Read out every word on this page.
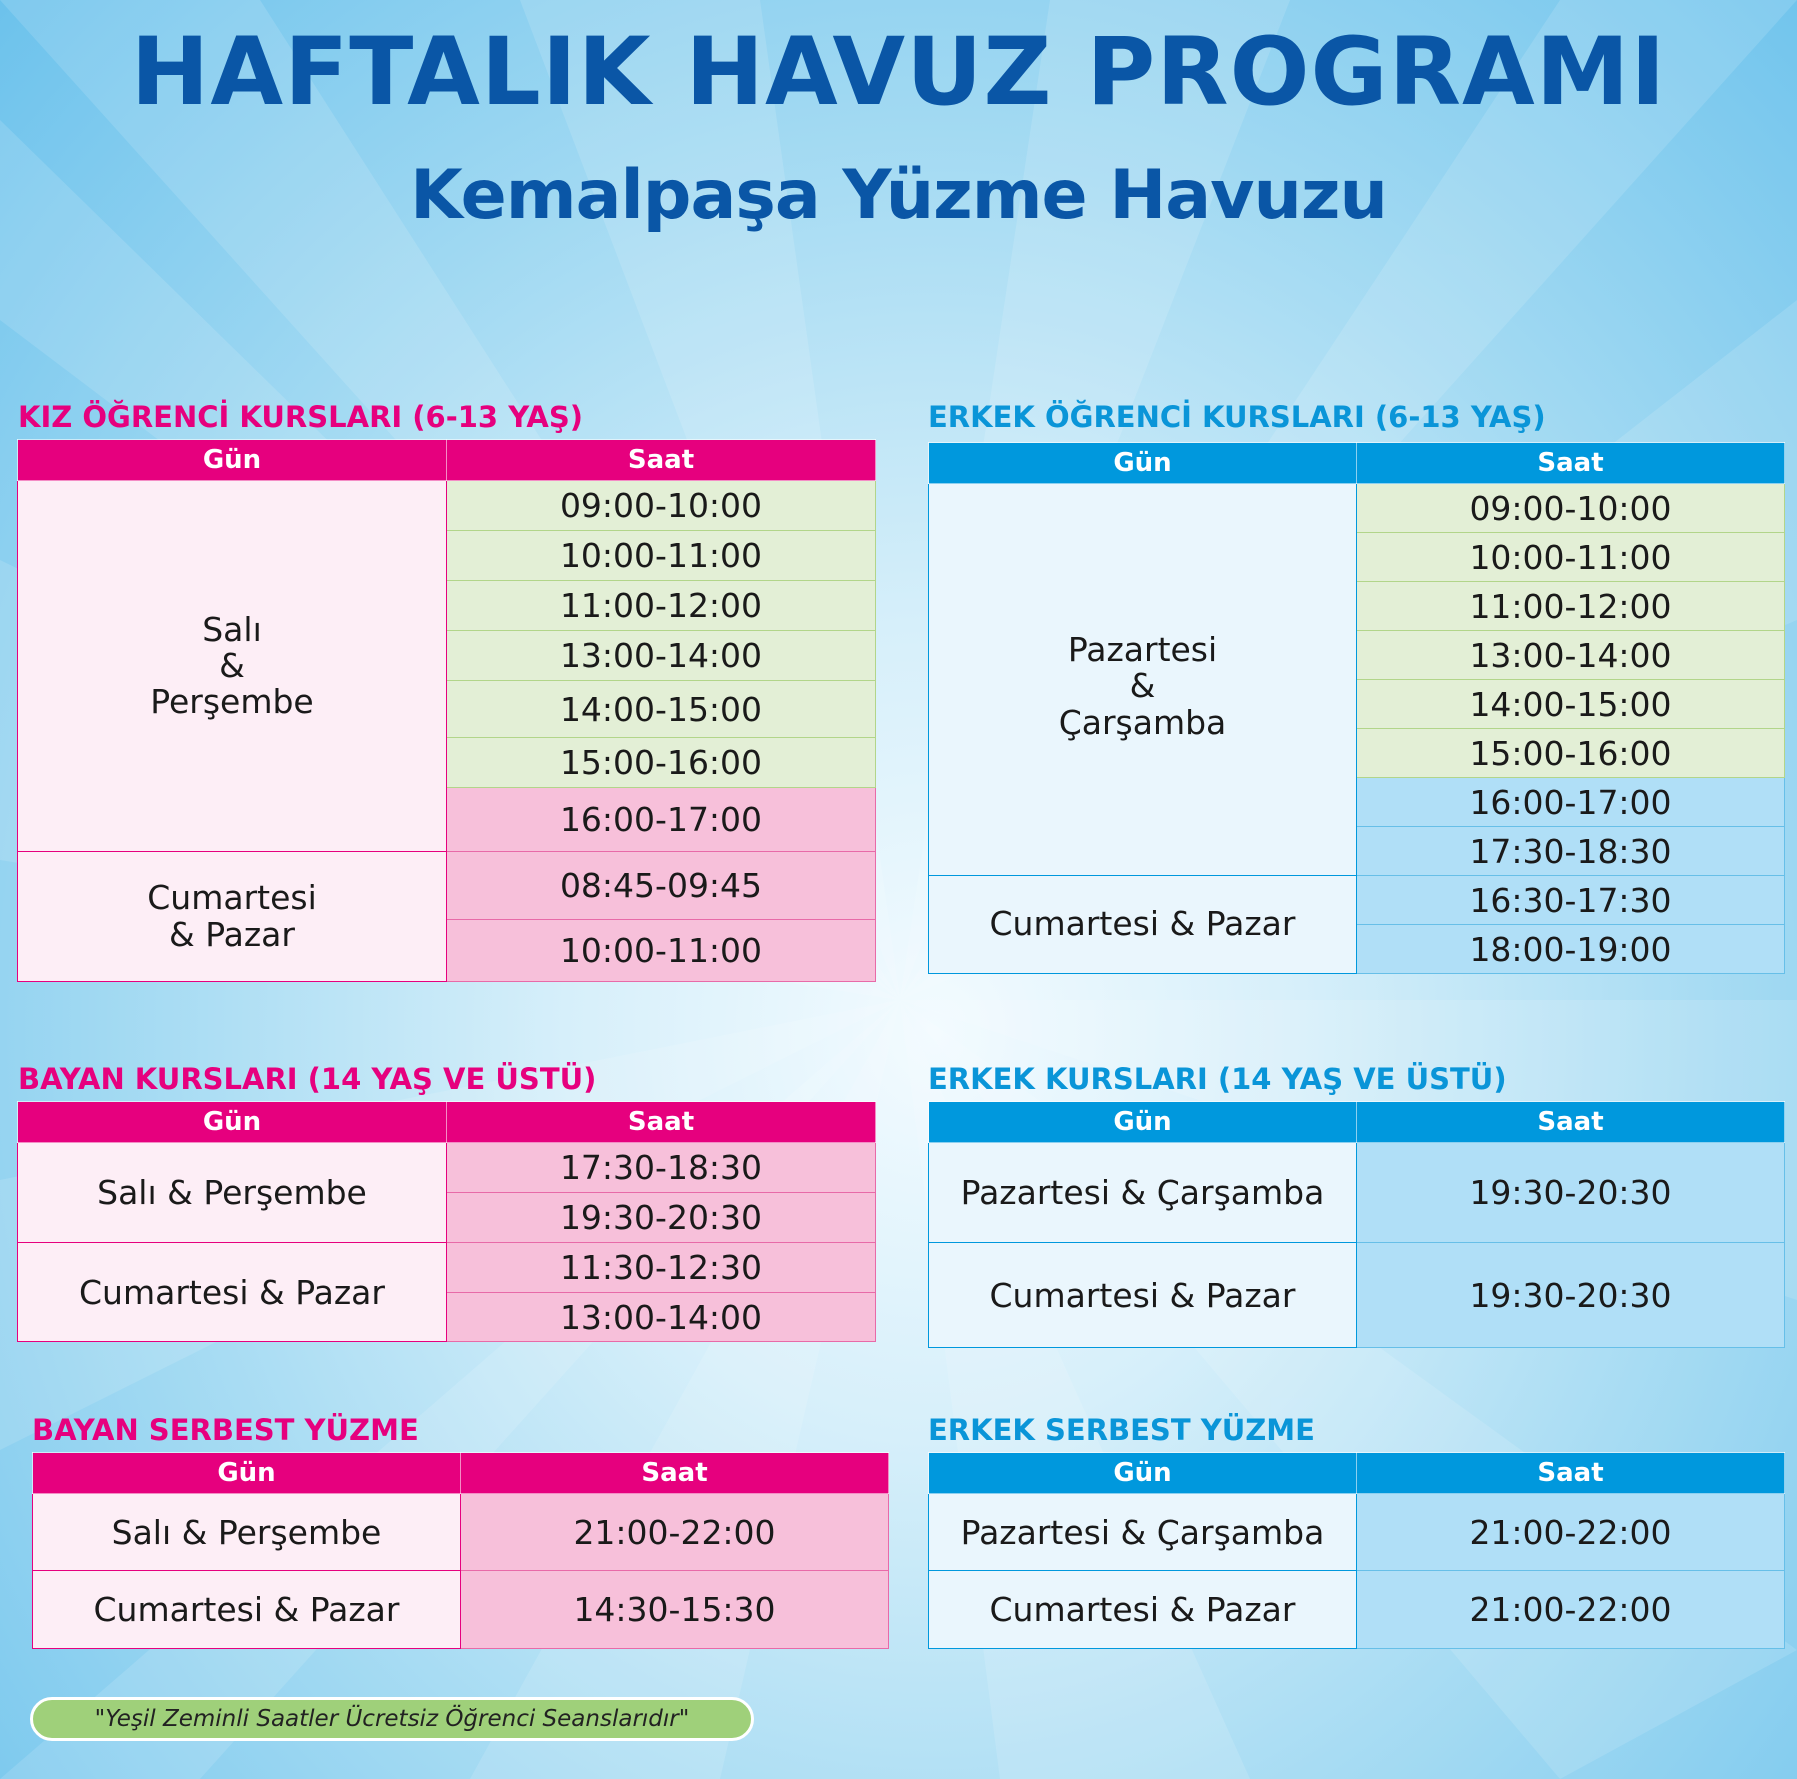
HAFTALIK HAVUZ PROGRAMI
Kemalpaşa Yüzme Havuzu
KIZ ÖĞRENCİ KURSLARI (6-13 YAŞ)
Gün	Saat

Salı
&
Perşembe	09:00-10:00
	10:00-11:00
	11:00-12:00
	13:00-14:00
	14:00-15:00
	15:00-16:00
	16:00-17:00

Cumartesi
& Pazar	08:45-09:45
	10:00-11:00
ERKEK ÖĞRENCİ KURSLARI (6-13 YAŞ)
Gün	Saat

Pazartesi
&
Çarşamba	09:00-10:00
	10:00-11:00
	11:00-12:00
	13:00-14:00
	14:00-15:00
	15:00-16:00
	16:00-17:00
	17:30-18:30

Cumartesi & Pazar	16:30-17:30
	18:00-19:00
BAYAN KURSLARI (14 YAŞ VE ÜSTÜ)
Gün	Saat
Salı & Perşembe	17:30-18:30
	19:30-20:30
Cumartesi & Pazar	11:30-12:30
	13:00-14:00
ERKEK KURSLARI (14 YAŞ VE ÜSTÜ)
Gün	Saat
Pazartesi & Çarşamba	19:30-20:30
Cumartesi & Pazar	19:30-20:30
BAYAN SERBEST YÜZME
Gün	Saat
Salı & Perşembe	21:00-22:00
Cumartesi & Pazar	14:30-15:30
ERKEK SERBEST YÜZME
Gün	Saat
Pazartesi & Çarşamba	21:00-22:00
Cumartesi & Pazar	21:00-22:00
"Yeşil Zeminli Saatler Ücretsiz Öğrenci Seanslarıdır"
